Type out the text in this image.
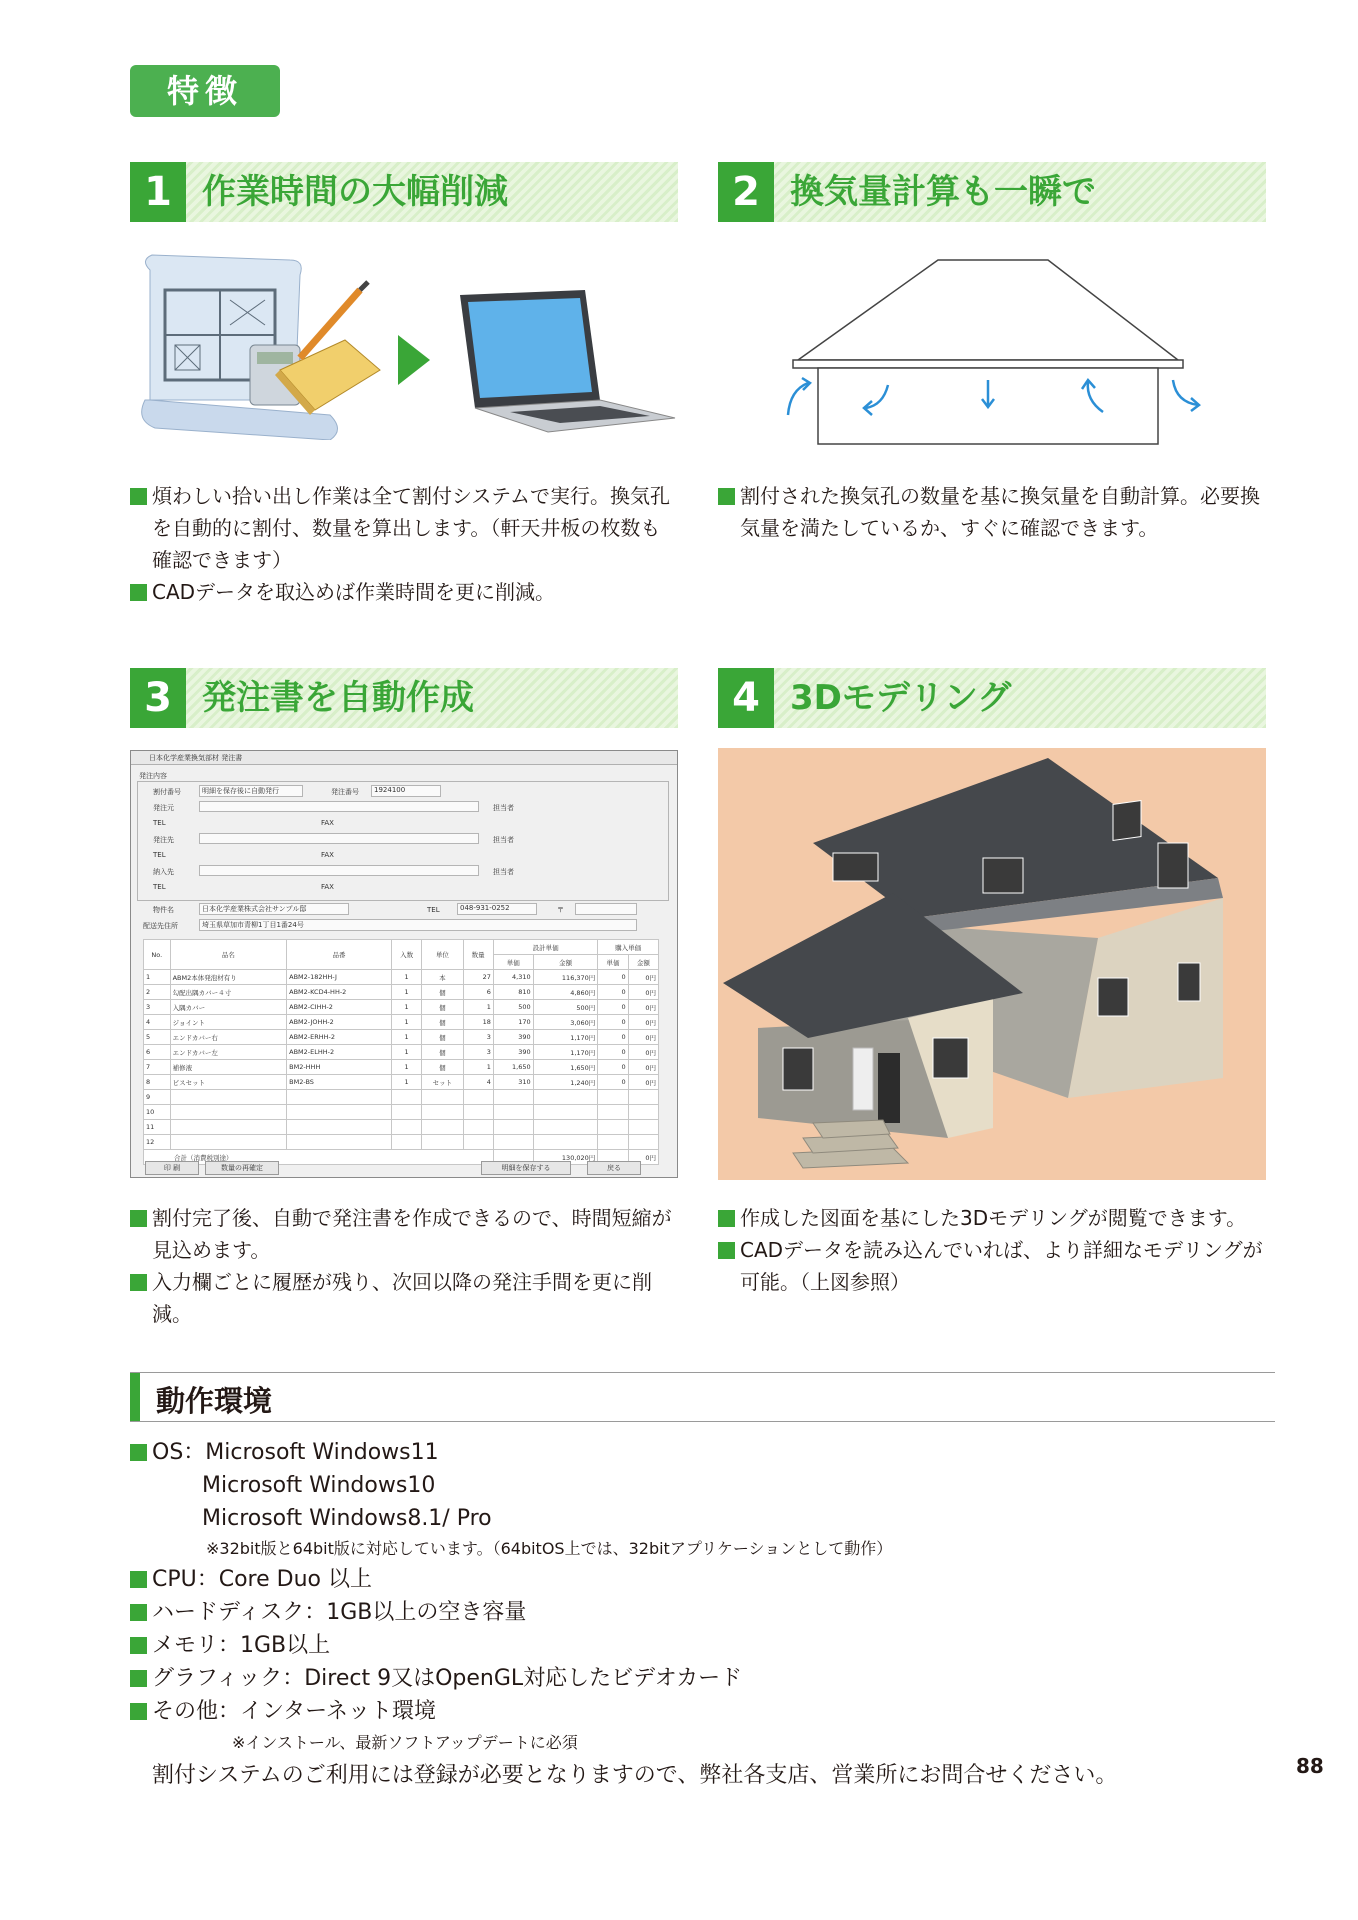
特徴
1 作業時間の大幅削減
煩わしい拾い出し作業は全て割付システムで実行。換気孔を自動的に割付、数量を算出します。（軒天井板の枚数も確認できます）
CADデータを取込めば作業時間を更に削減。
2 換気量計算も一瞬で
割付された換気孔の数量を基に換気量を自動計算。必要換気量を満たしているか、すぐに確認できます。
3 発注書を自動作成
日本化学産業換気部材 発注書
発注内容
割付番号	明細を保存後に自動発行	発注番号	1924100
発注元	担当者
TEL	FAX
発注先	担当者
TEL	FAX
納入先	担当者
TEL	FAX
物件名	日本化学産業株式会社サンプル邸	TEL	048-931-0252	〒
配送先住所	埼玉県草加市青柳1丁目1番24号
No.	品名	品番	入数	単位	数量	設計単価		購入単価	
						単価	金額	単価	金額
1	ABM2本体発泡材有り	ABM2-182HH-J	1	本	27	4,310	116,370円	0	0円
2	勾配出隅カバー４寸	ABM2-KCD4-HH-2	1	個	6	810	4,860円	0	0円
3	入隅カバー	ABM2-CIHH-2	1	個	1	500	500円	0	0円
4	ジョイント	ABM2-JOHH-2	1	個	18	170	3,060円	0	0円
5	エンドカバー右	ABM2-ERHH-2	1	個	3	390	1,170円	0	0円
6	エンドカバー左	ABM2-ELHH-2	1	個	3	390	1,170円	0	0円
7	補修液	BM2-HHH	1	個	1	1,650	1,650円	0	0円
8	ビスセット	BM2-BS	1	セット	4	310	1,240円	0	0円
9									
10									
11									
12									
合計（消費税別途）							130,020円		0円
印 刷	数量の再確定	明細を保存する	戻る
割付完了後、自動で発注書を作成できるので、時間短縮が見込めます。
入力欄ごとに履歴が残り、次回以降の発注手間を更に削減。
4 3Dモデリング
作成した図面を基にした3Dモデリングが閲覧できます。
CADデータを読み込んでいれば、より詳細なモデリングが可能。（上図参照）
動作環境
OS：Microsoft Windows11
Microsoft Windows10
Microsoft Windows8.1/ Pro
※32bit版と64bit版に対応しています。（64bitOS上では、32bitアプリケーションとして動作）
CPU：Core Duo 以上
ハードディスク：1GB以上の空き容量
メモリ：1GB以上
グラフィック：Direct 9又はOpenGL対応したビデオカード
その他：インターネット環境
※インストール、最新ソフトアップデートに必須
割付システムのご利用には登録が必要となりますので、弊社各支店、営業所にお問合せください。	88
